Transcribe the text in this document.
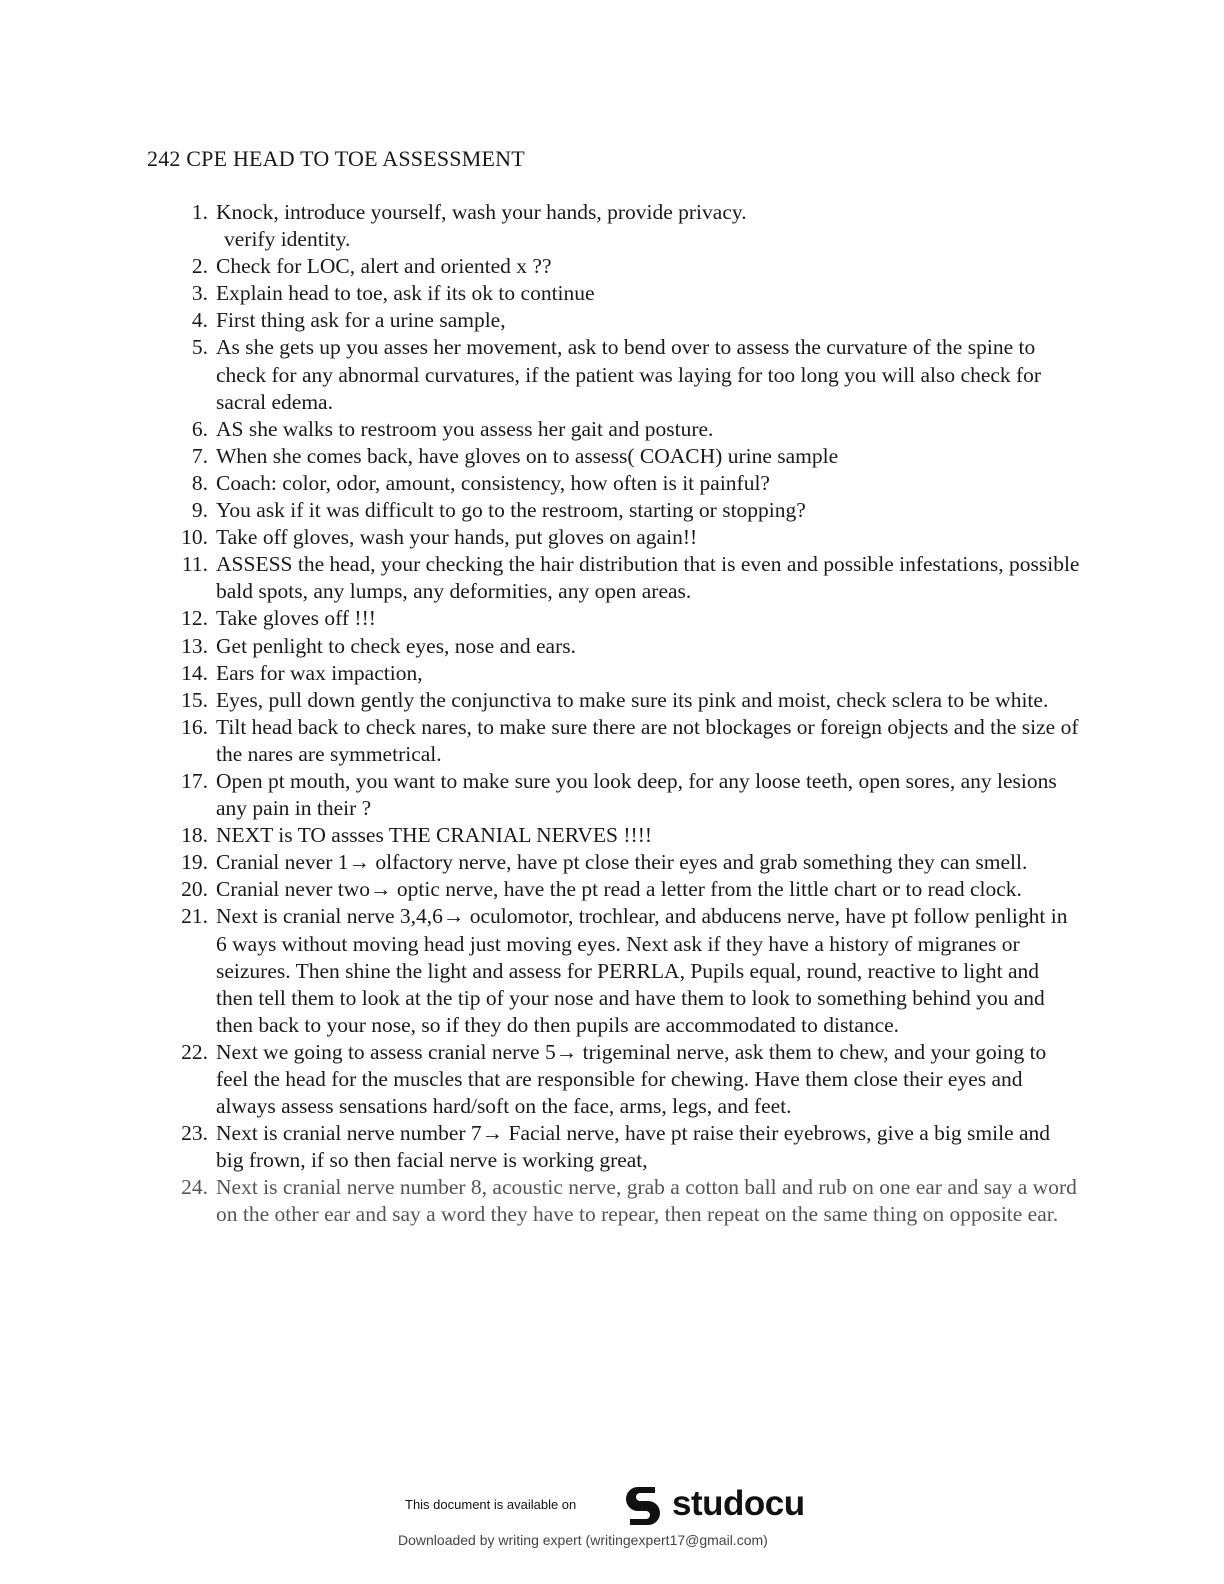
242 CPE HEAD TO TOE ASSESSMENT
1. Knock, introduce yourself, wash your hands, provide privacy.
verify identity.
2. Check for LOC, alert and oriented x ??
3. Explain head to toe, ask if its ok to continue
4. First thing ask for a urine sample,
5. As she gets up you asses her movement, ask to bend over to assess the curvature of the spine to check for any abnormal curvatures, if the patient was laying for too long you will also check for sacral edema.
6. AS she walks to restroom you assess her gait and posture.
7. When she comes back, have gloves on to assess( COACH) urine sample
8. Coach: color, odor, amount, consistency, how often is it painful?
9. You ask if it was difficult to go to the restroom, starting or stopping?
10. Take off gloves, wash your hands, put gloves on again!!
11. ASSESS the head, your checking the hair distribution that is even and possible infestations, possible bald spots, any lumps, any deformities, any open areas.
12. Take gloves off !!!
13. Get penlight to check eyes, nose and ears.
14. Ears for wax impaction,
15. Eyes, pull down gently the conjunctiva to make sure its pink and moist, check sclera to be white.
16. Tilt head back to check nares, to make sure there are not blockages or foreign objects and the size of the nares are symmetrical.
17. Open pt mouth, you want to make sure you look deep, for any loose teeth, open sores, any lesions any pain in their ?
18. NEXT is TO assses THE CRANIAL NERVES !!!!
19. Cranial never 1→ olfactory nerve, have pt close their eyes and grab something they can smell.
20. Cranial never two→ optic nerve, have the pt read a letter from the little chart or to read clock.
21. Next is cranial nerve 3,4,6→ oculomotor, trochlear, and abducens nerve, have pt follow penlight in 6 ways without moving head just moving eyes. Next ask if they have a history of migranes or seizures. Then shine the light and assess for PERRLA, Pupils equal, round, reactive to light and then tell them to look at the tip of your nose and have them to look to something behind you and then back to your nose, so if they do then pupils are accommodated to distance.
22. Next we going to assess cranial nerve 5→ trigeminal nerve, ask them to chew, and your going to feel the head for the muscles that are responsible for chewing. Have them close their eyes and always assess sensations hard/soft on the face, arms, legs, and feet.
23. Next is cranial nerve number 7→ Facial nerve, have pt raise their eyebrows, give a big smile and big frown, if so then facial nerve is working great,
24. Next is cranial nerve number 8, acoustic nerve, grab a cotton ball and rub on one ear and say a word on the other ear and say a word they have to repear, then repeat on the same thing on opposite ear.
This document is available on	studocu
Downloaded by writing expert (writingexpert17@gmail.com)
